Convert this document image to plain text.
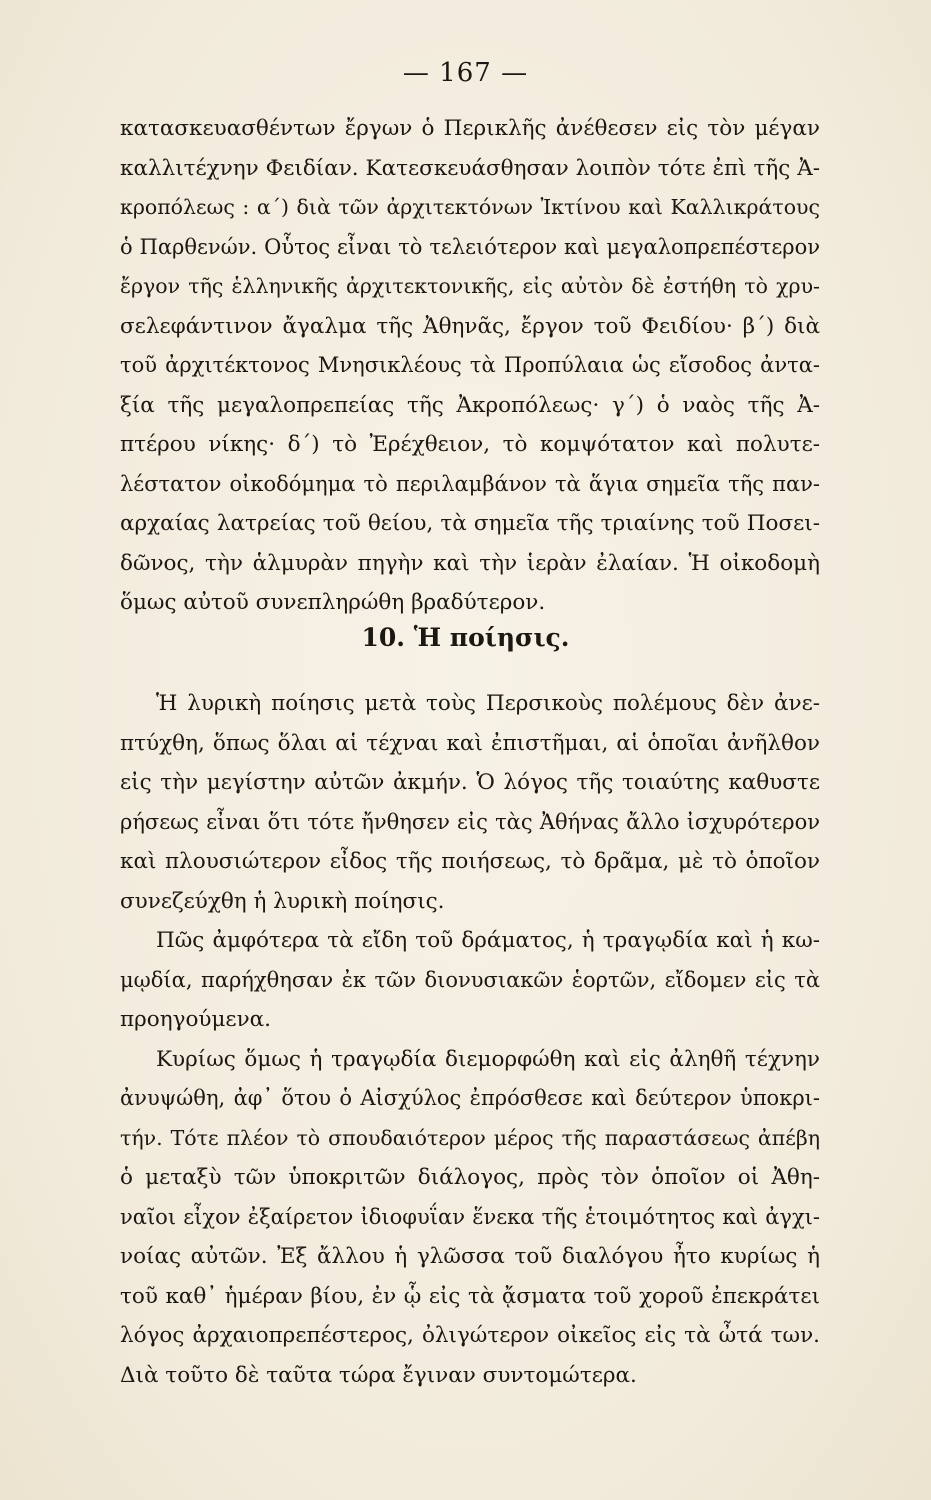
— 167 —
κατασκευασθέντων ἔργων ὁ Περικλῆς ἀνέθεσεν εἰς τὸν μέγαν
καλλιτέχνην Φειδίαν. Κατεσκευάσθησαν λοιπὸν τότε ἐπὶ τῆς Ἀ-
κροπόλεως : α΄) διὰ τῶν ἀρχιτεκτόνων Ἰκτίνου καὶ Καλλικράτους
ὁ Παρθενών. Οὗτος εἶναι τὸ τελειότερον καὶ μεγαλοπρεπέστερον
ἔργον τῆς ἑλληνικῆς ἀρχιτεκτονικῆς, εἰς αὐτὸν δὲ ἐστήθη τὸ χρυ-
σελεφάντινον ἄγαλμα τῆς Ἀθηνᾶς, ἔργον τοῦ Φειδίου· β΄) διὰ
τοῦ ἀρχιτέκτονος Μνησικλέους τὰ Προπύλαια ὡς εἴσοδος ἀντα-
ξία τῆς μεγαλοπρεπείας τῆς Ἀκροπόλεως· γ΄) ὁ ναὸς τῆς Ἀ-
πτέρου νίκης· δ΄) τὸ Ἐρέχθειον, τὸ κομψότατον καὶ πολυτε-
λέστατον οἰκοδόμημα τὸ περιλαμβάνον τὰ ἅγια σημεῖα τῆς παν-
αρχαίας λατρείας τοῦ θείου, τὰ σημεῖα τῆς τριαίνης τοῦ Ποσει-
δῶνος, τὴν ἁλμυρὰν πηγὴν καὶ τὴν ἱερὰν ἐλαίαν. Ἡ οἰκοδομὴ
ὅμως αὐτοῦ συνεπληρώθη βραδύτερον.
10. Ἡ ποίησις.
Ἡ λυρικὴ ποίησις μετὰ τοὺς Περσικοὺς πολέμους δὲν ἀνε-
πτύχθη, ὅπως ὅλαι αἱ τέχναι καὶ ἐπιστῆμαι, αἱ ὁποῖαι ἀνῆλθον
εἰς τὴν μεγίστην αὐτῶν ἀκμήν. Ὁ λόγος τῆς τοιαύτης καθυστε
ρήσεως εἶναι ὅτι τότε ἤνθησεν εἰς τὰς Ἀθήνας ἄλλο ἰσχυρότερον
καὶ πλουσιώτερον εἶδος τῆς ποιήσεως, τὸ δρᾶμα, μὲ τὸ ὁποῖον
συνεζεύχθη ἡ λυρικὴ ποίησις.
Πῶς ἀμφότερα τὰ εἴδη τοῦ δράματος, ἡ τραγῳδία καὶ ἡ κω-
μῳδία, παρήχθησαν ἐκ τῶν διονυσιακῶν ἑορτῶν, εἴδομεν εἰς τὰ
προηγούμενα.
Κυρίως ὅμως ἡ τραγῳδία διεμορφώθη καὶ εἰς ἀληθῆ τέχνην
ἀνυψώθη, ἀφ᾽ ὅτου ὁ Αἰσχύλος ἐπρόσθεσε καὶ δεύτερον ὑποκρι-
τήν. Τότε πλέον τὸ σπουδαιότερον μέρος τῆς παραστάσεως ἀπέβη
ὁ μεταξὺ τῶν ὑποκριτῶν διάλογος, πρὸς τὸν ὁποῖον οἱ Ἀθη-
ναῖοι εἶχον ἐξαίρετον ἰδιοφυΐαν ἕνεκα τῆς ἑτοιμότητος καὶ ἀγχι-
νοίας αὐτῶν. Ἐξ ἄλλου ἡ γλῶσσα τοῦ διαλόγου ἦτο κυρίως ἡ
τοῦ καθ᾽ ἡμέραν βίου, ἐν ᾧ εἰς τὰ ᾄσματα τοῦ χοροῦ ἐπεκράτει
λόγος ἀρχαιοπρεπέστερος, ὀλιγώτερον οἰκεῖος εἰς τὰ ὦτά των.
Διὰ τοῦτο δὲ ταῦτα τώρα ἔγιναν συντομώτερα.
